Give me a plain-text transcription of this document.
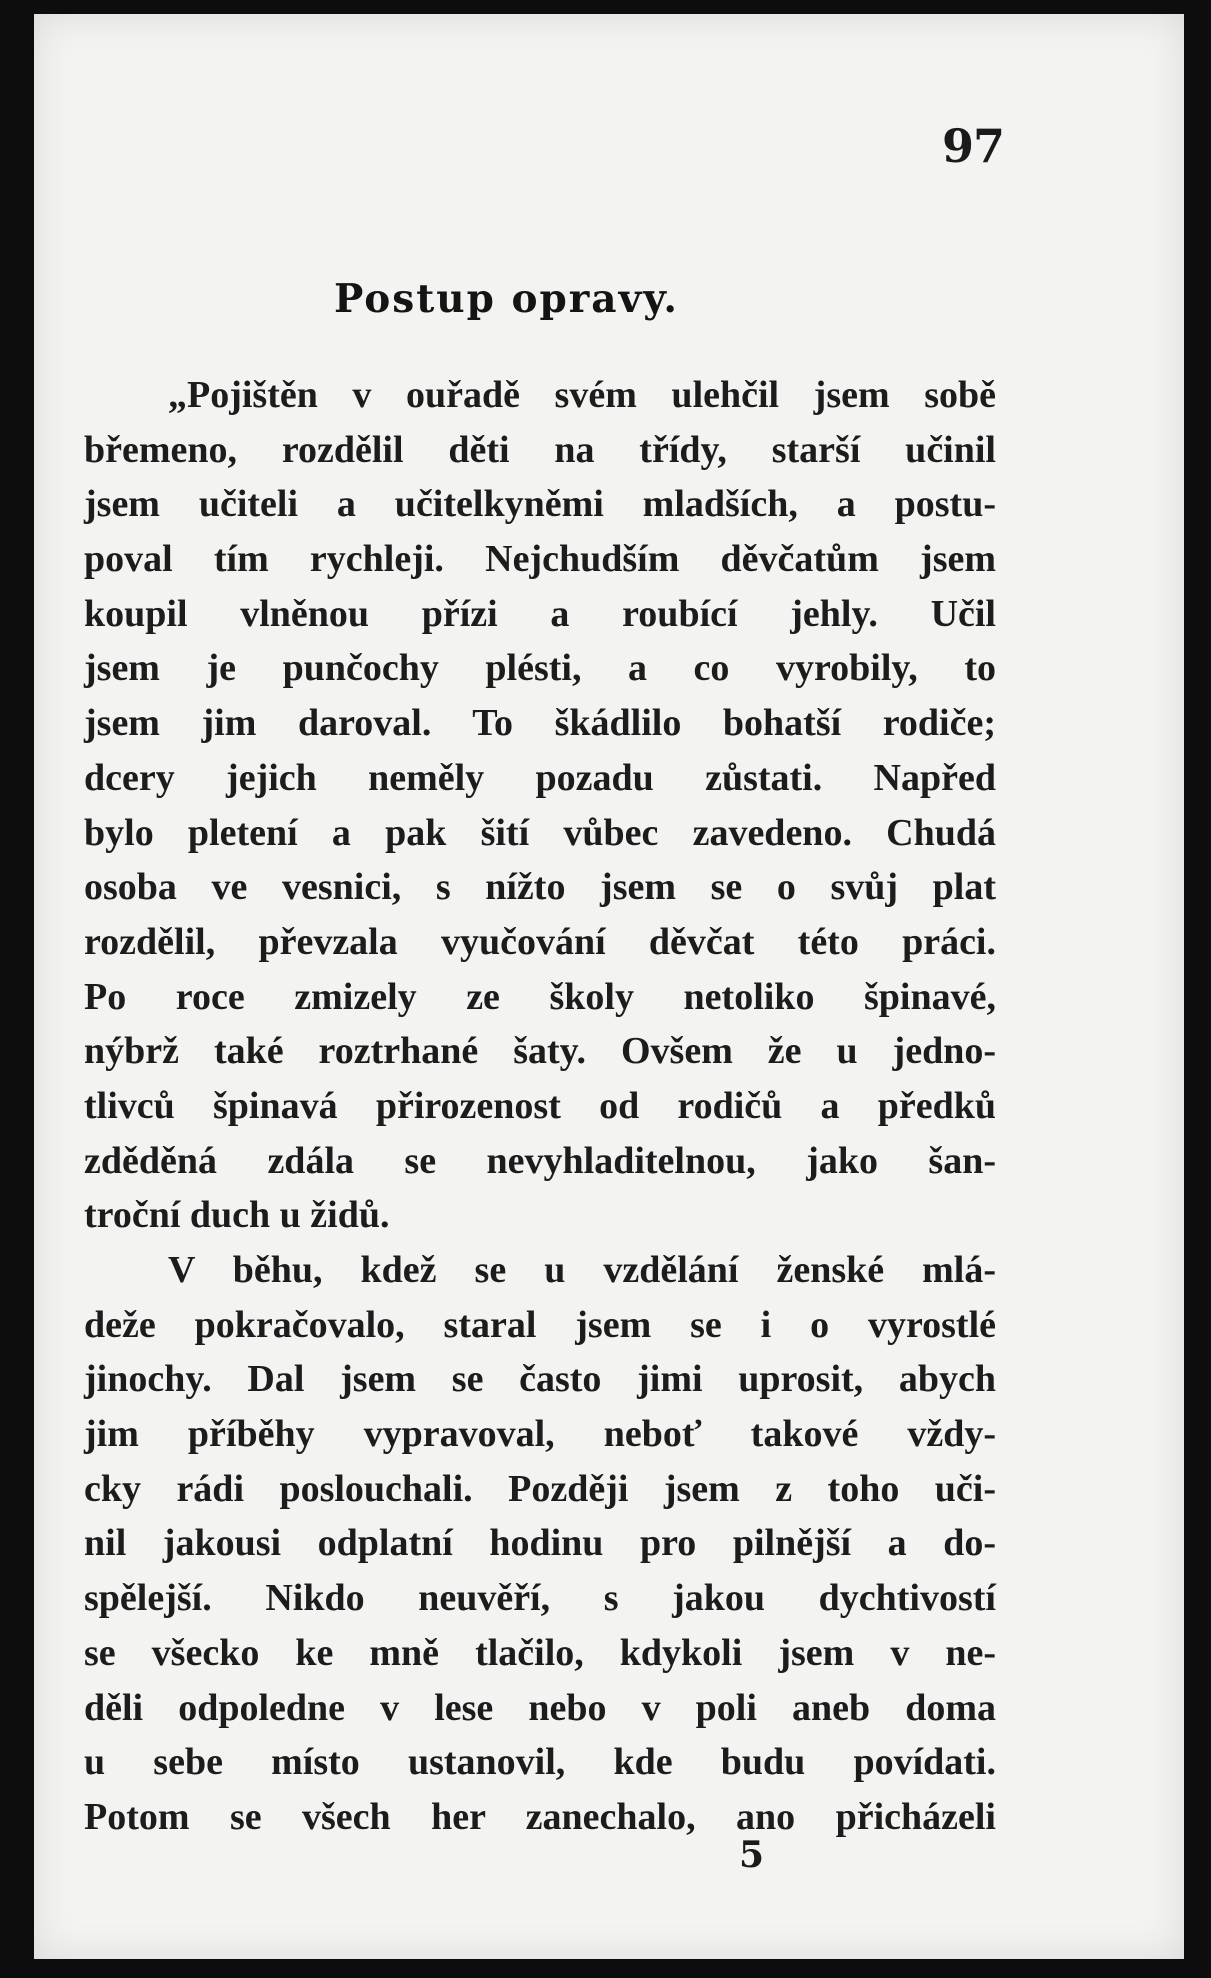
97
Postup opravy.
„Pojištěn v ouřadě svém ulehčil jsem sobě
břemeno, rozdělil děti na třídy, starší učinil
jsem učiteli a učitelkyněmi mladších, a postu-
poval tím rychleji. Nejchudším děvčatům jsem
koupil vlněnou přízi a roubící jehly. Učil
jsem je punčochy plésti, a co vyrobily, to
jsem jim daroval. To škádlilo bohatší rodiče;
dcery jejich neměly pozadu zůstati. Napřed
bylo pletení a pak šití vůbec zavedeno. Chudá
osoba ve vesnici, s nížto jsem se o svůj plat
rozdělil, převzala vyučování děvčat této práci.
Po roce zmizely ze školy netoliko špinavé,
nýbrž také roztrhané šaty. Ovšem že u jedno-
tlivců špinavá přirozenost od rodičů a předků
zděděná zdála se nevyhladitelnou, jako šan-
troční duch u židů.
V běhu, kdež se u vzdělání ženské mlá-
deže pokračovalo, staral jsem se i o vyrostlé
jinochy. Dal jsem se často jimi uprosit, abych
jim příběhy vypravoval, neboť takové vždy-
cky rádi poslouchali. Později jsem z toho uči-
nil jakousi odplatní hodinu pro pilnější a do-
spělejší. Nikdo neuvěří, s jakou dychtivostí
se všecko ke mně tlačilo, kdykoli jsem v ne-
děli odpoledne v lese nebo v poli aneb doma
u sebe místo ustanovil, kde budu povídati.
Potom se všech her zanechalo, ano přicházeli
5
